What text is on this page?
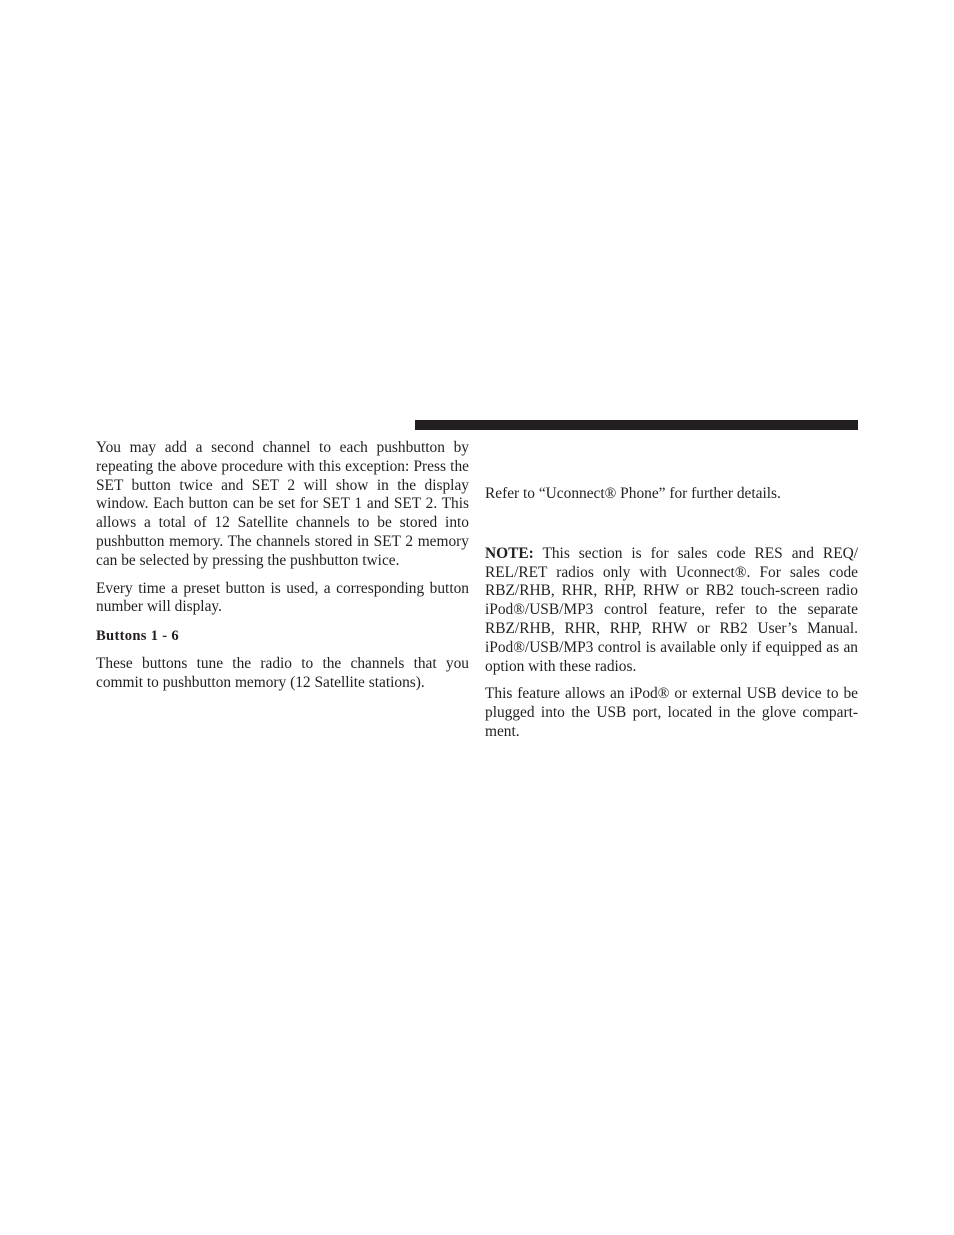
You may add a second channel to each pushbutton by repeating the above procedure with this exception: Press the SET button twice and SET 2 will show in the display window. Each button can be set for SET 1 and SET 2. This allows a total of 12 Satellite channels to be stored into pushbutton memory. The channels stored in SET 2 memory can be selected by pressing the pushbutton twice.

Every time a preset button is used, a corresponding button number will display.

Buttons 1 - 6

These buttons tune the radio to the channels that you commit to pushbutton memory (12 Satellite stations).

Refer to “Uconnect® Phone” for further details.

NOTE: This section is for sales code RES and REQ/ REL/RET radios only with Uconnect®. For sales code RBZ/RHB, RHR, RHP, RHW or RB2 touch-screen radio iPod®/USB/MP3 control feature, refer to the separate RBZ/RHB, RHR, RHP, RHW or RB2 User’s Manual. iPod®/USB/MP3 control is available only if equipped as an option with these radios.

This feature allows an iPod® or external USB device to be plugged into the USB port, located in the glove compartment.
